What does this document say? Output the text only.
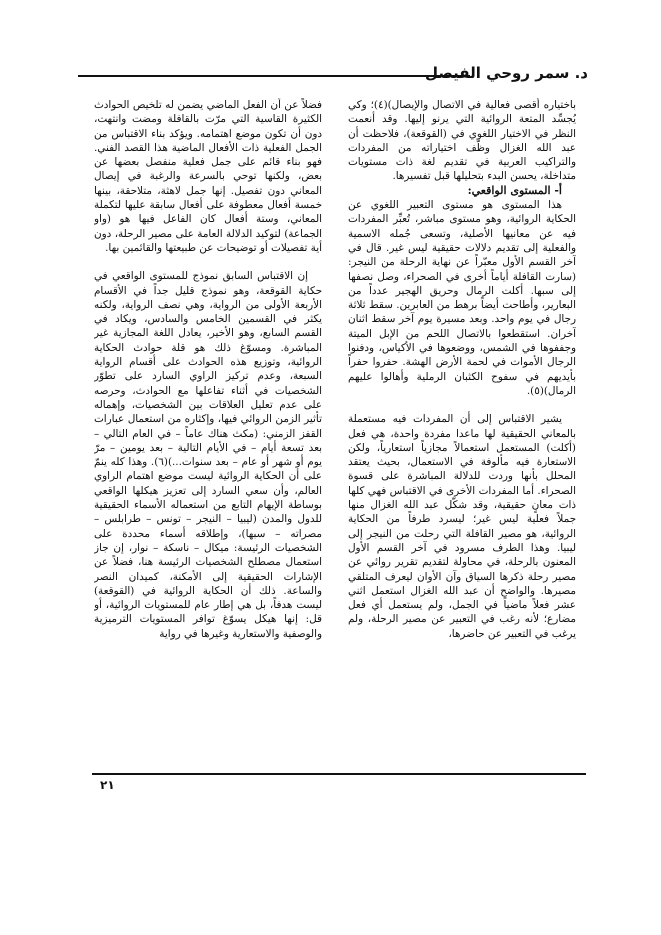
د. سمر روحي الفيصل

باختياره أقصى فعالية في الاتصال والإيصال)(٤)؛ وكي يُجسِّد المتعة الروائية التي يرنو إليها. وقد أنعمت النظر في الاختيار اللغوي في (القوقعة)، فلاحظت أن عبد الله الغزال وظّف اختياراته من المفردات والتراكيب العربية في تقديم لغة ذات مستويات متداخلة، يحسن البدء بتحليلها قبل تفسيرها.

أ- المستوى الواقعي:

هذا المستوى هو مستوى التعبير اللغوي عن الحكاية الروائية، وهو مستوى مباشر، تُعبِّر المفردات فيه عن معانيها الأصلية، وتسعى جُمله الاسمية والفعلية إلى تقديم دلالات حقيقية ليس غير. قال في آخر القسم الأول معبّراً عن نهاية الرحلة من النيجر: (سارت القافلة أياماً أخرى في الصحراء، وصل نصفها إلى سبها. أكلت الرمال وحريق الهجير عدداً من البعارير، وأطاحت أيضاً برهط من العابرين. سقط ثلاثة رجال في يوم واحد. وبعد مسيرة يوم آخر سقط اثنان آخران. استقطعوا بالاتصال اللحم من الإبل الميتة وجففوها في الشمس، ووضعوها في الأكياس، ودفنوا الرجال الأموات في لحمة الأرض الهشة. حفروا حفراً بأيديهم في سفوح الكثبان الرملية وأهالوا عليهم الرمال)(٥).

يشير الاقتباس إلى أن المفردات فيه مستعملة بالمعاني الحقيقية لها ماعدا مفردة واحدة، هي فعل (أكلت) المستعمل استعمالاً مجازياً استعارياً، ولكن الاستعارة فيه مألوفة في الاستعمال، بحيث يعتقد المحلل بأنها وردت للدلالة المباشرة على قسوة الصحراء. أما المفردات الأخرى في الاقتباس فهي كلها ذات معانٍ حقيقية، وقد شكّل عبد الله الغزال منها جملاً فعلية ليس غير؛ ليسرد طرفاً من الحكاية الروائية، هو مصير القافلة التي رحلت من النيجر إلى ليبيا. وهذا الطرف مسرود في آخر القسم الأول المعنون بالرحلة، في محاولة لتقديم تقرير روائي عن مصير رحلة ذكرها السياق وآن الأوان ليعرف المتلقي مصيرها. والواضح أن عبد الله الغزال استعمل اثني عشر فعلاً ماضياً في الجمل، ولم يستعمل أي فعل مضارع؛ لأنه رغب في التعبير عن مصير الرحلة، ولم يرغب في التعبير عن حاضرها،

فضلاً عن أن الفعل الماضي يضمن له تلخيص الحوادث الكثيرة القاسية التي مرّت بالقافلة ومضت وانتهت، دون أن تكون موضع اهتمامه. ويؤكد بناء الاقتباس من الجمل الفعلية ذات الأفعال الماضية هذا القصد الفني. فهو بناء قائم على جمل فعلية منفصل بعضها عن بعض، ولكنها توحي بالسرعة والرغبة في إيصال المعاني دون تفصيل. إنها جمل لاهثة، متلاحقة، بينها خمسة أفعال معطوفة على أفعال سابقة عليها لتكملة المعاني، وستة أفعال كان الفاعل فيها هو (واو الجماعة) لتوكيد الدلالة العامة على مصير الرحلة، دون أية تفصيلات أو توضيحات عن طبيعتها والقائمين بها.

إن الاقتباس السابق نموذج للمستوى الواقعي في حكاية القوقعة، وهو نموذج قليل جداً في الأقسام الأربعة الأولى من الرواية، وهي نصف الرواية، ولكنه يكثر في القسمين الخامس والسادس، ويكاد في القسم السابع، وهو الأخير، يعادل اللغة المجازية غير المباشرة. ومسوّغ ذلك هو قلة حوادث الحكاية الروائية، وتوزيع هذه الحوادث على أقسام الرواية السبعة، وعدم تركيز الراوي السارد على تطوّر الشخصيات في أثناء تفاعلها مع الحوادث، وحرصه على عدم تعليل العلاقات بين الشخصيات، وإهماله تأثير الزمن الروائي فيها، وإكثاره من استعمال عبارات القفز الزمني: (مكث هناك عاماً – في العام التالي – بعد تسعة أيام – في الأيام التالية – بعد يومين – مرّ يوم أو شهر أو عام – بعد سنوات...)(٦). وهذا كله ينمّ على أن الحكاية الروائية ليست موضع اهتمام الراوي العالم، وأن سعي السارد إلى تعزيز هيكلها الواقعي بوساطة الإيهام التابع من استعماله الأسماء الحقيقية للدول والمدن (ليبيا – النيجر – تونس – طرابلس – مصراته – سبها)، وإطلاقه أسماء محددة على الشخصيات الرئيسة: ميكال – ناسكة – نوار، إن جاز استعمال مصطلح الشخصيات الرئيسة هنا، فضلاً عن الإشارات الحقيقية إلى الأمكنة، كميدان النصر والساعة. ذلك أن الحكاية الروائية في (القوقعة) ليست هدفاً، بل هي إطار عام للمستويات الروائية، أو قل: إنها هيكل يسوّغ توافر المستويات الترميزية والوصفية والاستعارية وغيرها في رواية

٢١
